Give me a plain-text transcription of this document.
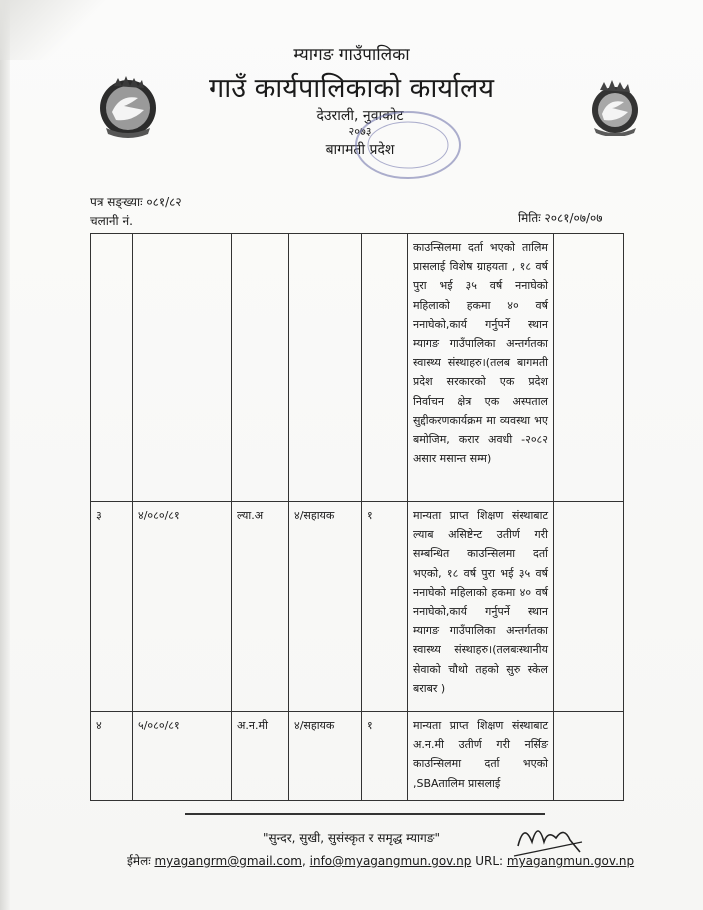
म्यागङ गाउँपालिका
गाउँ कार्यपालिकाको कार्यालय
देउराली, नुवाकोट
२०७३
बागमती प्रदेश
पत्र सङ्ख्याः ०८१/८२
चलानी नं.	मितिः २०८१/०७/०७
					काउन्सिलमा दर्ता भएको तालिम प्रासलाई विशेष ग्राहयता , १८ वर्ष पुरा भई ३५ वर्ष ननाघेको महिलाको हकमा ४० वर्ष ननाघेको,कार्य गर्नुपर्ने स्थान म्यागङ गाउँपालिका अन्तर्गतका स्वास्थ्य संस्थाहरु।(तलब बागमती प्रदेश सरकारको एक प्रदेश निर्वाचन क्षेत्र एक अस्पताल सुद्दीकरणकार्यक्रम मा व्यवस्था भए बमोजिम, करार अवधी -२०८२ असार मसान्त सम्म)	
३	४/०८०/८१	ल्या.अ	४/सहायक	१	मान्यता प्राप्त शिक्षण संस्थाबाट ल्याब असिष्टेन्ट उतीर्ण गरी सम्बन्धित काउन्सिलमा दर्ता भएको, १८ वर्ष पुरा भई ३५ वर्ष ननाघेको महिलाको हकमा ४० वर्ष ननाघेको,कार्य गर्नुपर्ने स्थान म्यागङ गाउँपालिका अन्तर्गतका स्वास्थ्य संस्थाहरु।(तलबःस्थानीय सेवाको चौथो तहको सुरु स्केल बराबर )	
४	५/०८०/८१	अ.न.मी	४/सहायक	१	मान्यता प्राप्त शिक्षण संस्थाबाट अ.न.मी उतीर्ण गरी नर्सिङ काउन्सिलमा दर्ता भएको ,SBAतालिम प्रासलाई	
"सुन्दर, सुखी, सुसंस्कृत र समृद्ध म्यागङ"
ईमेलः myagangrm@gmail.com, info@myagangmun.gov.np URL: myagangmun.gov.np
